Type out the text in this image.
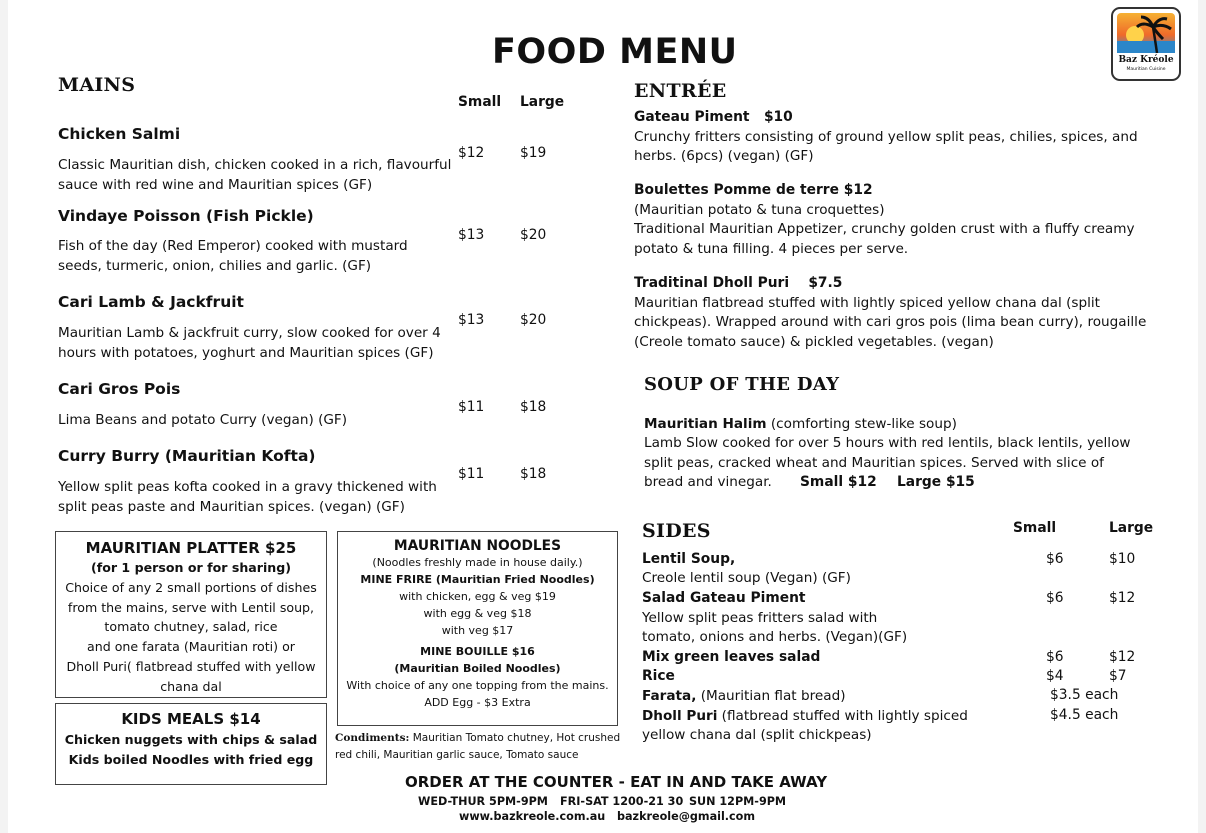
FOOD MENU	Baz Kréole
Mauritian Cuisine
MAINS
Small Large
Chicken Salmi
Classic Mauritian dish, chicken cooked in a rich, flavourful sauce with red wine and Mauritian spices (GF)
$12	$19
Vindaye Poisson (Fish Pickle)
Fish of the day (Red Emperor) cooked with mustard seeds, turmeric, onion, chilies and garlic. (GF)
$13	$20
Cari Lamb & Jackfruit
Mauritian Lamb & jackfruit curry, slow cooked for over 4 hours with potatoes, yoghurt and Mauritian spices (GF)
$13	$20
Cari Gros Pois
Lima Beans and potato Curry (vegan) (GF)
$11	$18
Curry Burry (Mauritian Kofta)
Yellow split peas kofta cooked in a gravy thickened with split peas paste and Mauritian spices. (vegan) (GF)
$11	$18
MAURITIAN PLATTER $25
(for 1 person or for sharing)
Choice of any 2 small portions of dishes
from the mains, serve with Lentil soup,
tomato chutney, salad, rice
and one farata (Mauritian roti) or
Dholl Puri( flatbread stuffed with yellow
chana dal
KIDS MEALS $14
Chicken nuggets with chips & salad
Kids boiled Noodles with fried egg
MAURITIAN NOODLES
(Noodles freshly made in house daily.)
MINE FRIRE (Mauritian Fried Noodles)
with chicken, egg & veg $19
with egg & veg $18
with veg $17
MINE BOUILLE $16
(Mauritian Boiled Noodles)
With choice of any one topping from the mains.
ADD Egg - $3 Extra
Condiments: Mauritian Tomato chutney, Hot crushed
red chili, Mauritian garlic sauce, Tomato sauce
ENTRÉE
Gateau Piment $10
Crunchy fritters consisting of ground yellow split peas, chilies, spices, and
herbs. (6pcs) (vegan) (GF)
Boulettes Pomme de terre $12
(Mauritian potato & tuna croquettes)
Traditional Mauritian Appetizer, crunchy golden crust with a fluffy creamy
potato & tuna filling. 4 pieces per serve.
Traditinal Dholl Puri $7.5
Mauritian flatbread stuffed with lightly spiced yellow chana dal (split
chickpeas). Wrapped around with cari gros pois (lima bean curry), rougaille
(Creole tomato sauce) & pickled vegetables. (vegan)
SOUP OF THE DAY
Mauritian Halim (comforting stew-like soup)
Lamb Slow cooked for over 5 hours with red lentils, black lentils, yellow
split peas, cracked wheat and Mauritian spices. Served with slice of
bread and vinegar. Small $12 Large $15
SIDES	Small	Large
Lentil Soup,
Creole lentil soup (Vegan) (GF)
$6	$10
Salad Gateau Piment
Yellow split peas fritters salad with
tomato, onions and herbs. (Vegan)(GF)
$6	$12
Mix green leaves salad	$6	$12
Rice	$4	$7
Farata, (Mauritian flat bread)	$3.5 each
Dholl Puri (flatbread stuffed with lightly spiced
yellow chana dal (split chickpeas)
$4.5 each
ORDER AT THE COUNTER - EAT IN AND TAKE AWAY
WED-THUR 5PM-9PM FRI-SAT 1200-21 30 SUN 12PM-9PM
www.bazkreole.com.au bazkreole@gmail.com
